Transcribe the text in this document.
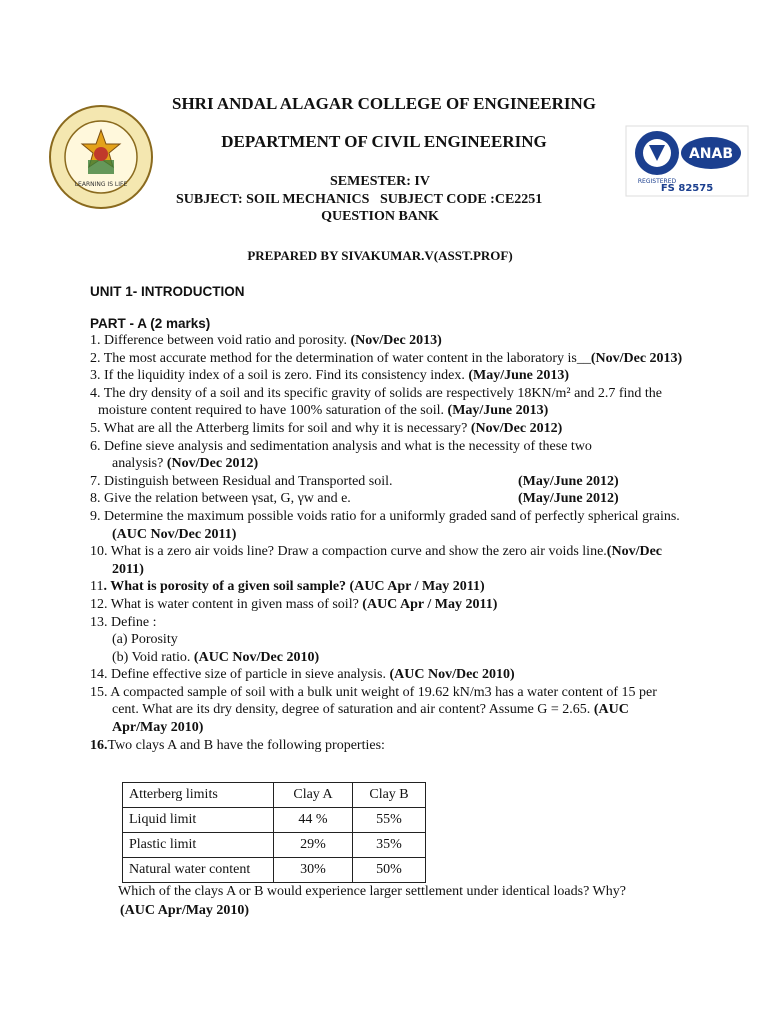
LEARNING IS LIFE	REGISTERED
ANAB
FS 82575
SHRI ANDAL ALAGAR COLLEGE OF ENGINEERING
DEPARTMENT OF CIVIL ENGINEERING
SEMESTER: IV
SUBJECT: SOIL MECHANICS   SUBJECT CODE :CE2251
QUESTION BANK
PREPARED BY SIVAKUMAR.V(ASST.PROF)
UNIT 1- INTRODUCTION
PART - A (2 marks)

1. Difference between void ratio and porosity. (Nov/Dec 2013)

2. The most accurate method for the determination of water content in the laboratory is__(Nov/Dec 2013)

3. If the liquidity index of a soil is zero. Find its consistency index. (May/June 2013)

4. The dry density of a soil and its specific gravity of solids are respectively 18KN/m² and 2.7 find the

moisture content required to have 100% saturation of the soil. (May/June 2013)

5. What are all the Atterberg limits for soil and why it is necessary? (Nov/Dec 2012)

6. Define sieve analysis and sedimentation analysis and what is the necessity of these two

analysis? (Nov/Dec 2012)

7. Distinguish between Residual and Transported soil.	(May/June 2012)
8. Give the relation between γsat, G, γw and e.	(May/June 2012)

9. Determine the maximum possible voids ratio for a uniformly graded sand of perfectly spherical grains.

(AUC Nov/Dec 2011)

10. What is a zero air voids line? Draw a compaction curve and show the zero air voids line.(Nov/Dec

2011)

11. What is porosity of a given soil sample? (AUC Apr / May 2011)

12. What is water content in given mass of soil? (AUC Apr / May 2011)

13. Define :

(a) Porosity

(b) Void ratio. (AUC Nov/Dec 2010)

14. Define effective size of particle in sieve analysis. (AUC Nov/Dec 2010)

15. A compacted sample of soil with a bulk unit weight of 19.62 kN/m3 has a water content of 15 per

cent. What are its dry density, degree of saturation and air content? Assume G = 2.65. (AUC

Apr/May 2010)

16.Two clays A and B have the following properties:

Atterberg limits	Clay A	Clay B
Liquid limit	44 %	55%
Plastic limit	29%	35%
Natural water content	30%	50%
Which of the clays A or B would experience larger settlement under identical loads? Why?
(AUC Apr/May 2010)
